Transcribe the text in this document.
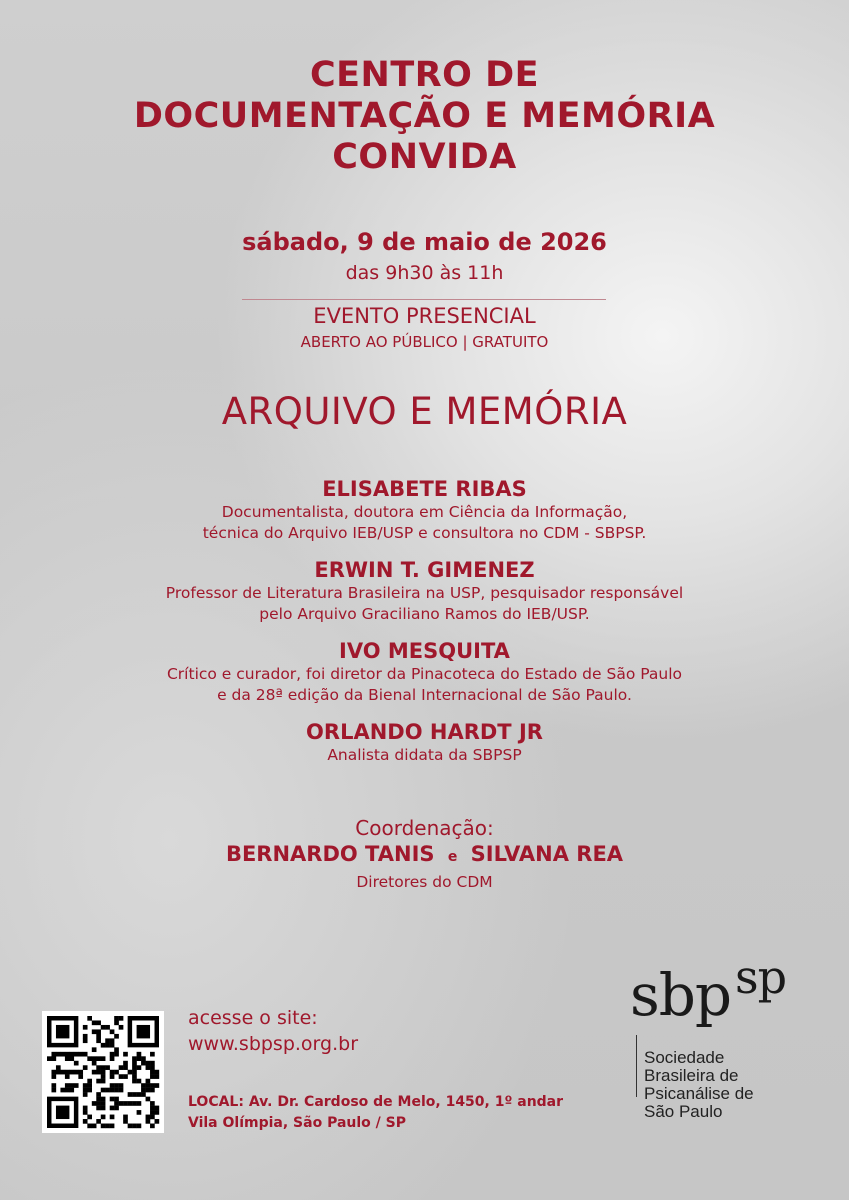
CENTRO DE
DOCUMENTAÇÃO E MEMÓRIA
CONVIDA
sábado, 9 de maio de 2026
das 9h30 às 11h
EVENTO PRESENCIAL
ABERTO AO PÚBLICO | GRATUITO
ARQUIVO E MEMÓRIA
ELISABETE RIBAS
Documentalista, doutora em Ciência da Informação,
técnica do Arquivo IEB/USP e consultora no CDM - SBPSP.
ERWIN T. GIMENEZ
Professor de Literatura Brasileira na USP, pesquisador responsável
pelo Arquivo Graciliano Ramos do IEB/USP.
IVO MESQUITA
Crítico e curador, foi diretor da Pinacoteca do Estado de São Paulo
e da 28ª edição da Bienal Internacional de São Paulo.
ORLANDO HARDT JR
Analista didata da SBPSP
Coordenação:
BERNARDO TANIS e SILVANA REA
Diretores do CDM
acesse o site:
www.sbpsp.org.br
LOCAL: Av. Dr. Cardoso de Melo, 1450, 1º andar
Vila Olímpia, São Paulo / SP
sbp$^{sp}$
Sociedade
Brasileira de
Psicanálise de
São Paulo
